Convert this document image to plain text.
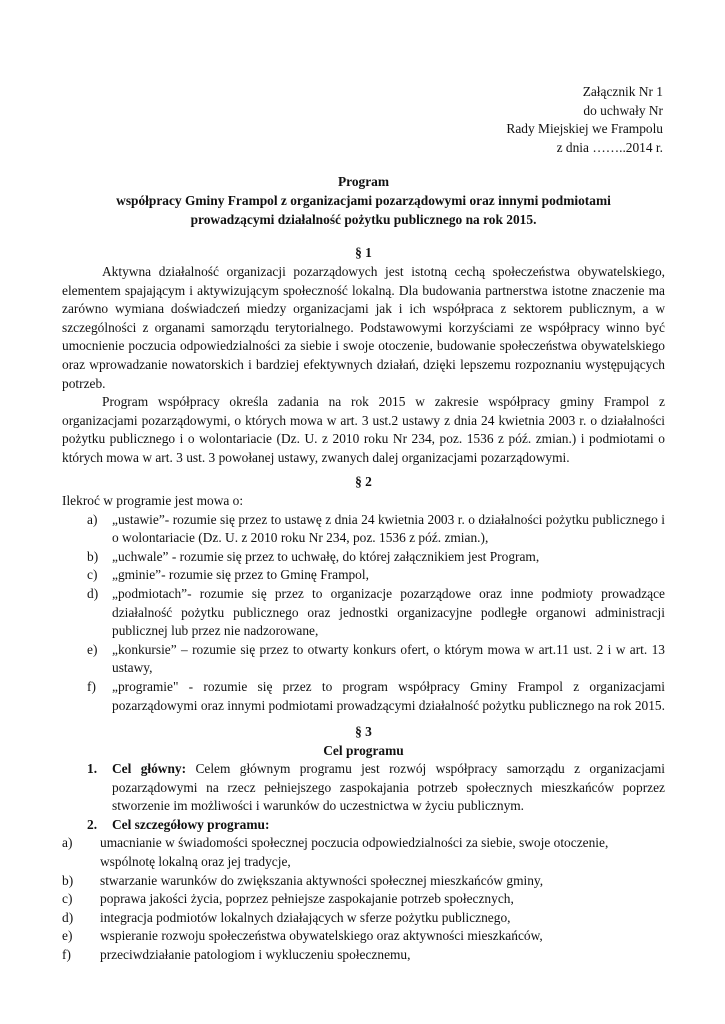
Załącznik Nr 1
do uchwały Nr
Rady Miejskiej we Frampolu
z dnia ……..2014 r.
Program
współpracy Gminy Frampol z organizacjami pozarządowymi oraz innymi podmiotami
prowadzącymi działalność pożytku publicznego na rok 2015.
§ 1

Aktywna działalność organizacji pozarządowych jest istotną cechą społeczeństwa obywatelskiego, elementem spajającym i aktywizującym społeczność lokalną. Dla budowania partnerstwa istotne znaczenie ma zarówno wymiana doświadczeń miedzy organizacjami jak i ich współpraca z sektorem publicznym, a w szczególności z organami samorządu terytorialnego. Podstawowymi korzyściami ze współpracy winno być umocnienie poczucia odpowiedzialności za siebie i swoje otoczenie, budowanie społeczeństwa obywatelskiego oraz wprowadzanie nowatorskich i bardziej efektywnych działań, dzięki lepszemu rozpoznaniu występujących potrzeb.

Program współpracy określa zadania na rok 2015 w zakresie współpracy gminy Frampol z organizacjami pozarządowymi, o których mowa w art. 3 ust.2 ustawy z dnia 24 kwietnia 2003 r. o działalności pożytku publicznego i o wolontariacie (Dz. U. z 2010 roku Nr 234, poz. 1536 z póź. zmian.) i podmiotami o których mowa w art. 3 ust. 3 powołanej ustawy, zwanych dalej organizacjami pozarządowymi.

§ 2

Ilekroć w programie jest mowa o:

a) „ustawie”- rozumie się przez to ustawę z dnia 24 kwietnia 2003 r. o działalności pożytku publicznego i o wolontariacie (Dz. U. z 2010 roku Nr 234, poz. 1536 z póź. zmian.),
b) „uchwale” - rozumie się przez to uchwałę, do której załącznikiem jest Program,
c) „gminie”- rozumie się przez to Gminę Frampol,
d) „podmiotach”- rozumie się przez to organizacje pozarządowe oraz inne podmioty prowadzące działalność pożytku publicznego oraz jednostki organizacyjne podległe organowi administracji publicznej lub przez nie nadzorowane,
e) „konkursie” – rozumie się przez to otwarty konkurs ofert, o którym mowa w art.11 ust. 2 i w art. 13 ustawy,
f) „programie" - rozumie się przez to program współpracy Gminy Frampol z organizacjami pozarządowymi oraz innymi podmiotami prowadzącymi działalność pożytku publicznego na rok 2015.
§ 3
Cel programu
1. Cel główny: Celem głównym programu jest rozwój współpracy samorządu z organizacjami pozarządowymi na rzecz pełniejszego zaspokajania potrzeb społecznych mieszkańców poprzez stworzenie im możliwości i warunków do uczestnictwa w życiu publicznym.
2. Cel szczegółowy programu:
a) umacnianie w świadomości społecznej poczucia odpowiedzialności za siebie, swoje otoczenie, wspólnotę lokalną oraz jej tradycje,
b) stwarzanie warunków do zwiększania aktywności społecznej mieszkańców gminy,
c) poprawa jakości życia, poprzez pełniejsze zaspokajanie potrzeb społecznych,
d) integracja podmiotów lokalnych działających w sferze pożytku publicznego,
e) wspieranie rozwoju społeczeństwa obywatelskiego oraz aktywności mieszkańców,
f) przeciwdziałanie patologiom i wykluczeniu społecznemu,
